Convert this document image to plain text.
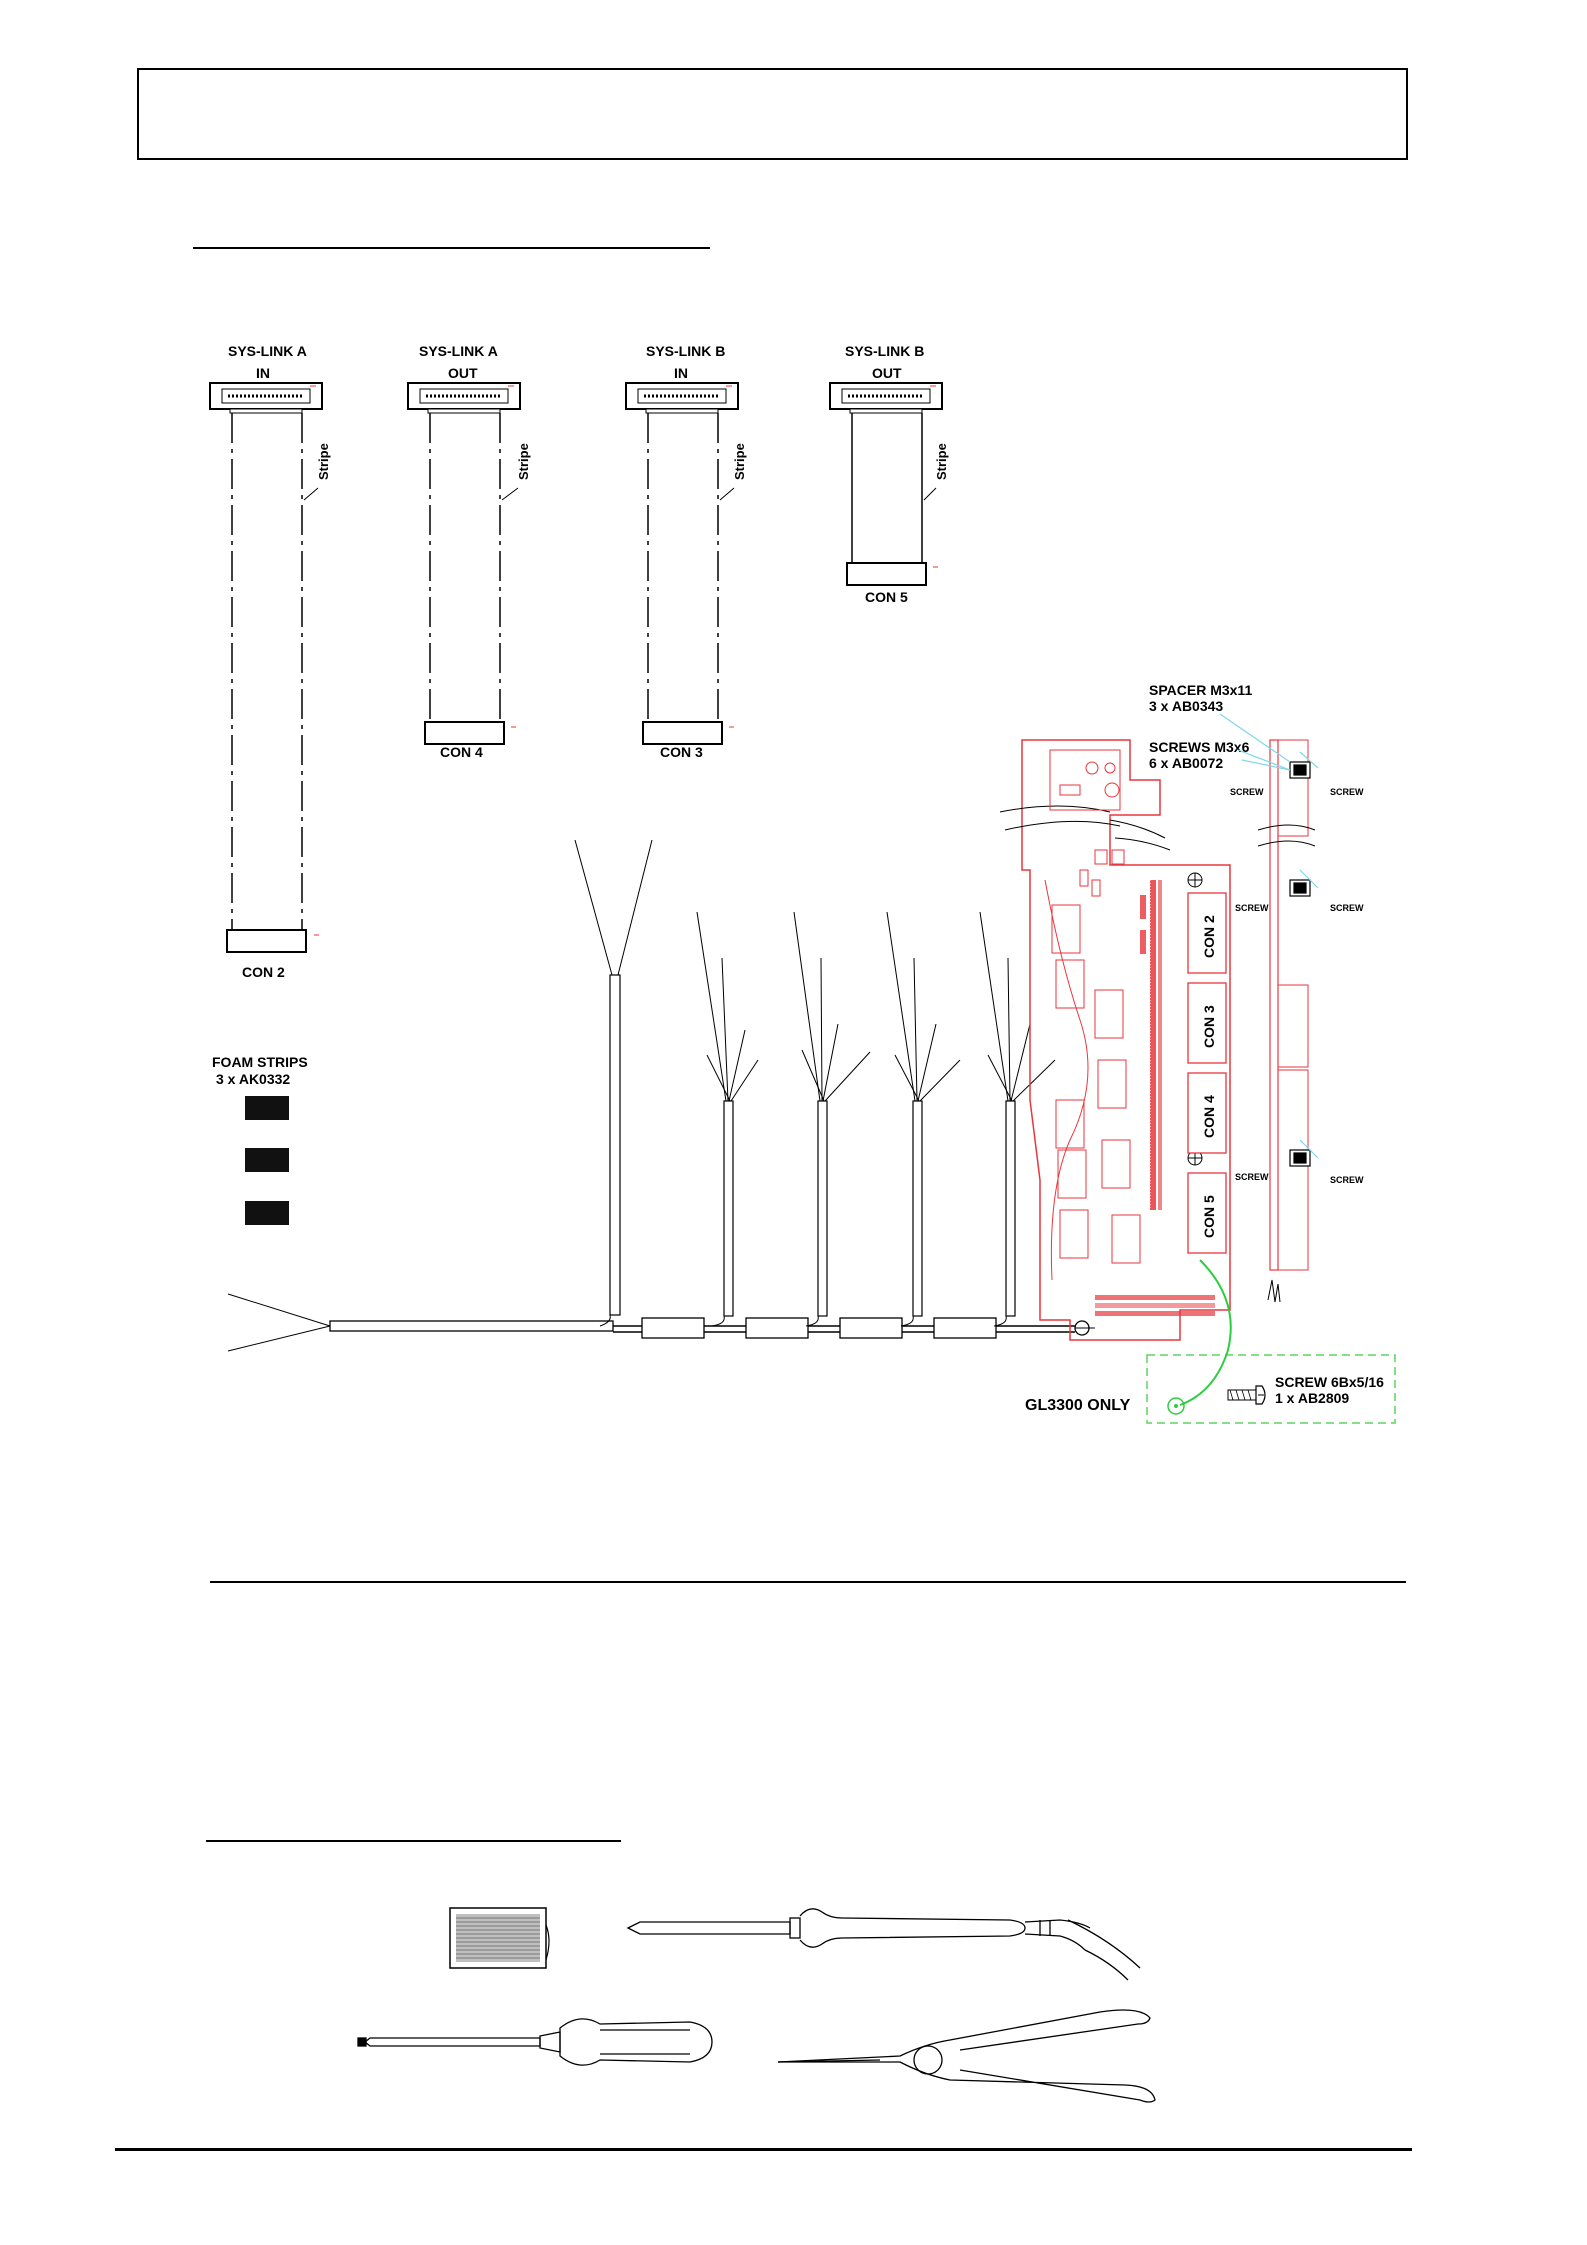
SYS-LINK A
IN
Stripe
CON 2
SYS-LINK A
OUT
Stripe
CON 4
SYS-LINK B
IN
Stripe
CON 3
SYS-LINK B
OUT
Stripe
CON 5
FOAM STRIPS
3 x AK0332
CON 2
CON 3
CON 4
CON 5
SPACER M3x11
3 x AB0343
SCREWS M3x6
6 x AB0072
SCREW	SCREW
SCREW	SCREW
SCREW	SCREW
SCREW 6Bx5/16
1 x AB2809
GL3300 ONLY
